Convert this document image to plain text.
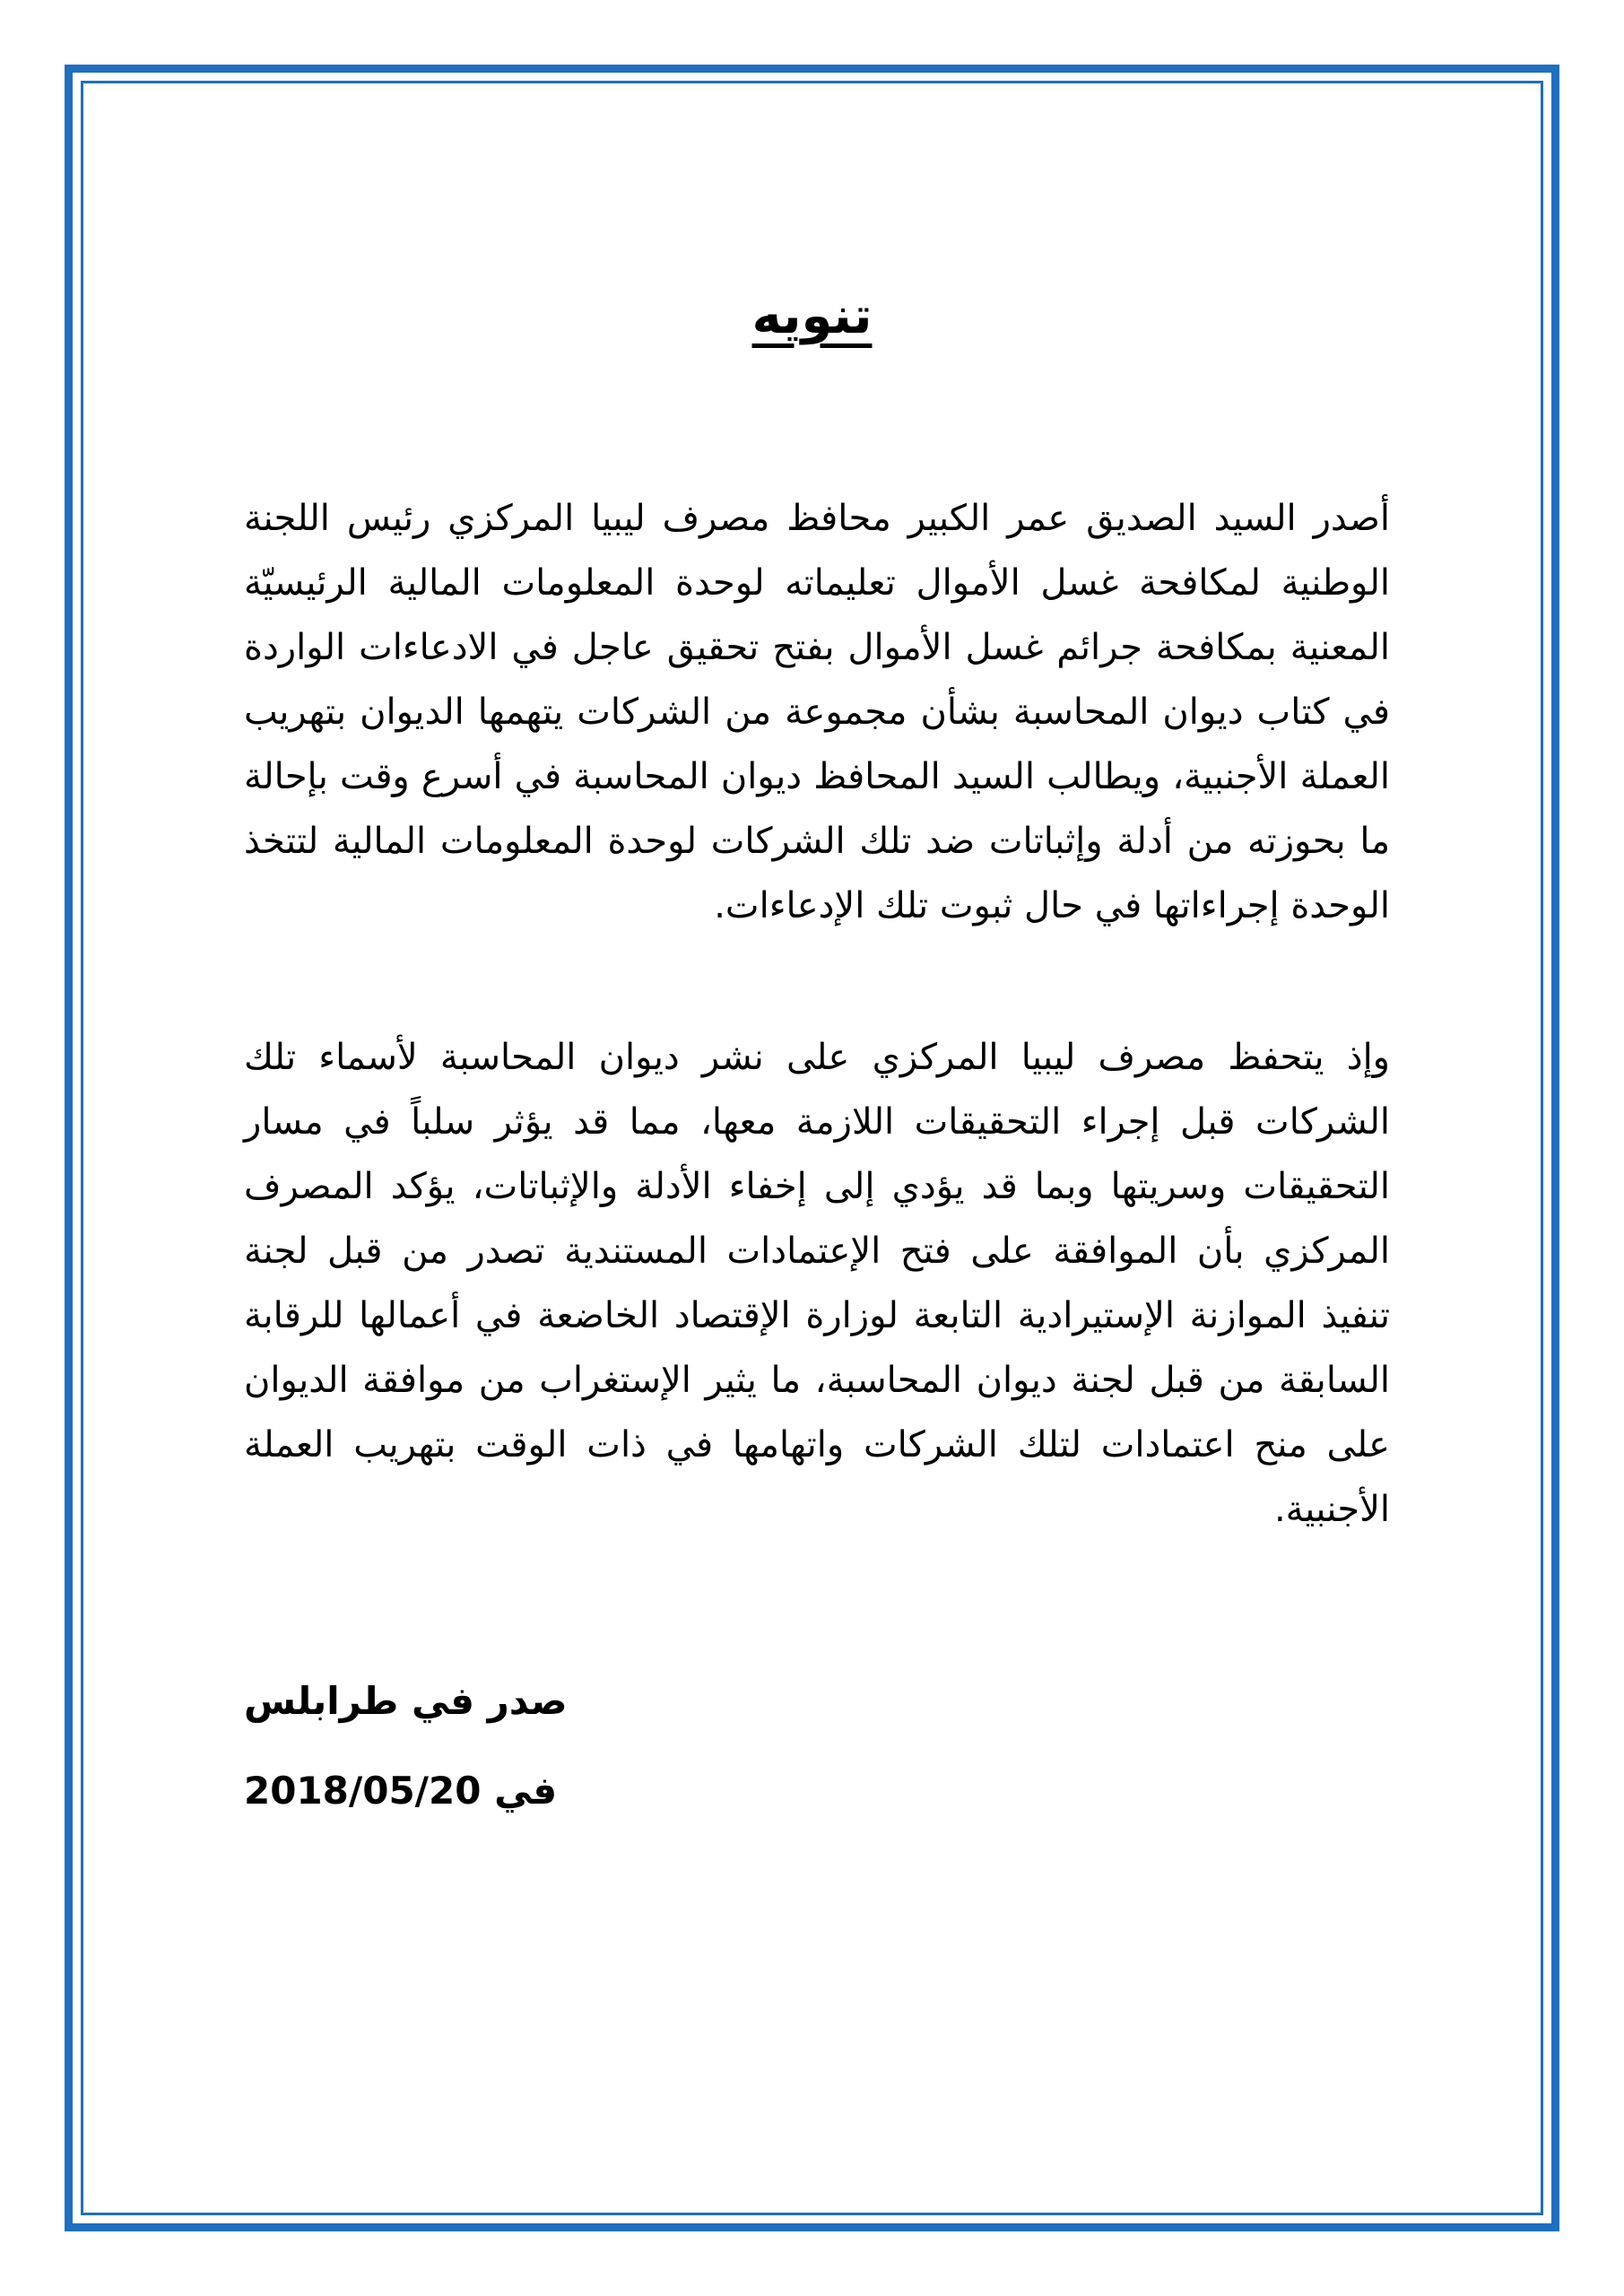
تنويه

أصدر السيد الصديق عمر الكبير محافظ مصرف ليبيا المركزي رئيس اللجنة الوطنية لمكافحة غسل الأموال تعليماته لوحدة المعلومات المالية الرئيسيّة المعنية بمكافحة جرائم غسل الأموال بفتح تحقيق عاجل في الادعاءات الواردة في كتاب ديوان المحاسبة بشأن مجموعة من الشركات يتهمها الديوان بتهريب العملة الأجنبية، ويطالب السيد المحافظ ديوان المحاسبة في أسرع وقت بإحالة ما بحوزته من أدلة وإثباتات ضد تلك الشركات لوحدة المعلومات المالية لتتخذ الوحدة إجراءاتها في حال ثبوت تلك الإدعاءات.

وإذ يتحفظ مصرف ليبيا المركزي على نشر ديوان المحاسبة لأسماء تلك الشركات قبل إجراء التحقيقات اللازمة معها، مما قد يؤثر سلباً في مسار التحقيقات وسريتها وبما قد يؤدي إلى إخفاء الأدلة والإثباتات، يؤكد المصرف المركزي بأن الموافقة على فتح الإعتمادات المستندية تصدر من قبل لجنة تنفيذ الموازنة الإستيرادية التابعة لوزارة الإقتصاد الخاضعة في أعمالها للرقابة السابقة من قبل لجنة ديوان المحاسبة، ما يثير الإستغراب من موافقة الديوان على منح اعتمادات لتلك الشركات واتهامها في ذات الوقت بتهريب العملة الأجنبية.

صدر في طرابلس

في 2018/05/20
